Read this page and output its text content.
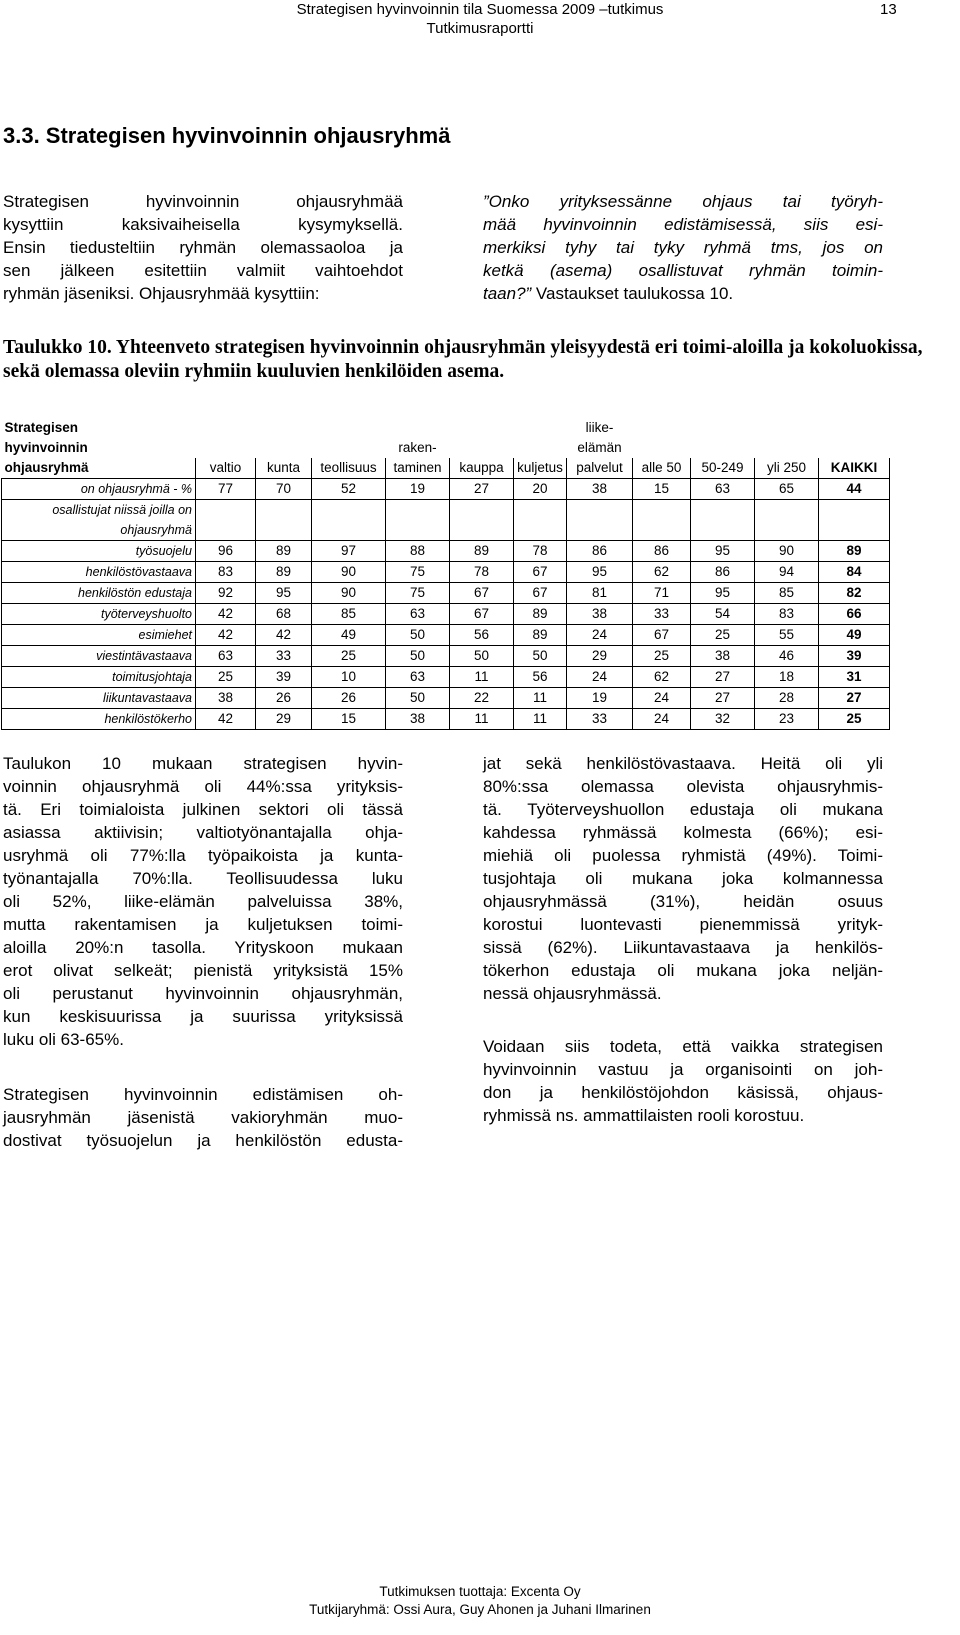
Strategisen hyvinvoinnin tila Suomessa 2009 –tutkimus
Tutkimusraportti
13
3.3. Strategisen hyvinvoinnin ohjausryhmä
Strategisen hyvinvoinnin ohjausryhmää
kysyttiin kaksivaiheisella kysymyksellä.
Ensin tiedusteltiin ryhmän olemassaoloa ja
sen jälkeen esitettiin valmiit vaihtoehdot
ryhmän jäseniksi. Ohjausryhmää kysyttiin:
”Onko yrityksessänne ohjaus tai työryh-
mää hyvinvoinnin edistämisessä, siis esi-
merkiksi tyhy tai tyky ryhmä tms, jos on
ketkä (asema) osallistuvat ryhmän toimin-
taan?” Vastaukset taulukossa 10.
Taulukko 10. Yhteenveto strategisen hyvinvoinnin ohjausryhmän yleisyydestä eri toimi-aloilla ja kokoluokissa, sekä olemassa oleviin ryhmiin kuuluvien henkilöiden asema.
Strategisen							liike-				
hyvinvoinnin				raken-			elämän				
ohjausryhmä	valtio	kunta	teollisuus	taminen	kauppa	kuljetus	palvelut	alle 50	50-249	yli 250	KAIKKI
on ohjausryhmä - %	77	70	52	19	27	20	38	15	63	65	44
osallistujat niissä joilla on											
ohjausryhmä											
työsuojelu	96	89	97	88	89	78	86	86	95	90	89
henkilöstövastaava	83	89	90	75	78	67	95	62	86	94	84
henkilöstön edustaja	92	95	90	75	67	67	81	71	95	85	82
työterveyshuolto	42	68	85	63	67	89	38	33	54	83	66
esimiehet	42	42	49	50	56	89	24	67	25	55	49
viestintävastaava	63	33	25	50	50	50	29	25	38	46	39
toimitusjohtaja	25	39	10	63	11	56	24	62	27	18	31
liikuntavastaava	38	26	26	50	22	11	19	24	27	28	27
henkilöstökerho	42	29	15	38	11	11	33	24	32	23	25
Taulukon 10 mukaan strategisen hyvin-
voinnin ohjausryhmä oli 44%:ssa yrityksis-
tä. Eri toimialoista julkinen sektori oli tässä
asiassa aktiivisin; valtiotyönantajalla ohja-
usryhmä oli 77%:lla työpaikoista ja kunta-
työnantajalla 70%:lla. Teollisuudessa luku
oli 52%, liike-elämän palveluissa 38%,
mutta rakentamisen ja kuljetuksen toimi-
aloilla 20%:n tasolla. Yrityskoon mukaan
erot olivat selkeät; pienistä yrityksistä 15%
oli perustanut hyvinvoinnin ohjausryhmän,
kun keskisuurissa ja suurissa yrityksissä
luku oli 63-65%.
Strategisen hyvinvoinnin edistämisen oh-
jausryhmän jäsenistä vakioryhmän muo-
dostivat työsuojelun ja henkilöstön edusta-
jat sekä henkilöstövastaava. Heitä oli yli
80%:ssa olemassa olevista ohjausryhmis-
tä. Työterveyshuollon edustaja oli mukana
kahdessa ryhmässä kolmesta (66%); esi-
miehiä oli puolessa ryhmistä (49%). Toimi-
tusjohtaja oli mukana joka kolmannessa
ohjausryhmässä (31%), heidän osuus
korostui luontevasti pienemmissä yrityk-
sissä (62%). Liikuntavastaava ja henkilös-
tökerhon edustaja oli mukana joka neljän-
nessä ohjausryhmässä.
Voidaan siis todeta, että vaikka strategisen
hyvinvoinnin vastuu ja organisointi on joh-
don ja henkilöstöjohdon käsissä, ohjaus-
ryhmissä ns. ammattilaisten rooli korostuu.
Tutkimuksen tuottaja: Excenta Oy
Tutkijaryhmä: Ossi Aura, Guy Ahonen ja Juhani Ilmarinen
